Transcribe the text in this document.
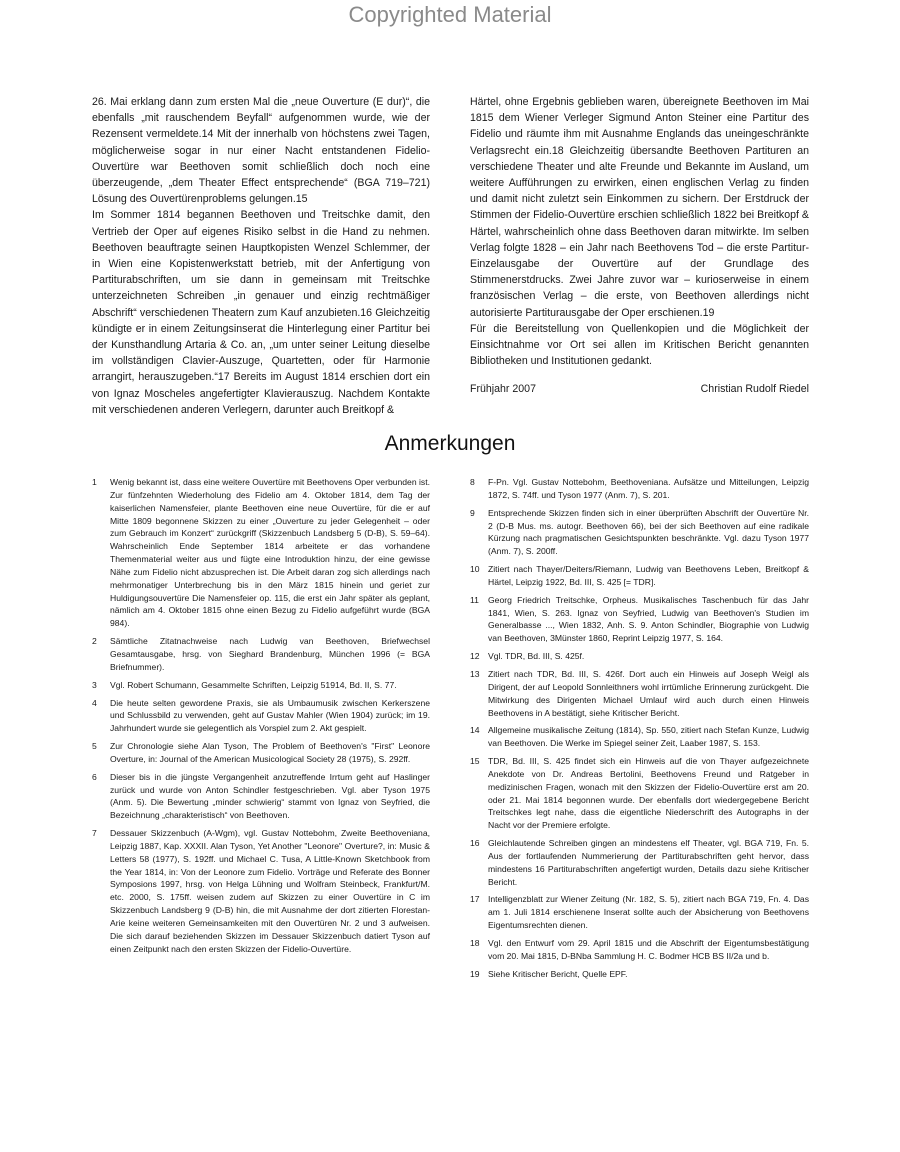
Copyrighted Material

26. Mai erklang dann zum ersten Mal die „neue Ouverture (E dur)“, die ebenfalls „mit rauschendem Beyfall“ aufgenommen wurde, wie der Rezensent vermeldete.14 Mit der innerhalb von höchstens zwei Tagen, möglicherweise sogar in nur einer Nacht entstandenen Fidelio-Ouvertüre war Beethoven somit schließlich doch noch eine überzeugende, „dem Theater Effect entsprechende“ (BGA 719–721) Lösung des Ouvertürenproblems gelungen.15

Im Sommer 1814 begannen Beethoven und Treitschke damit, den Vertrieb der Oper auf eigenes Risiko selbst in die Hand zu nehmen. Beethoven beauftragte seinen Hauptkopisten Wenzel Schlemmer, der in Wien eine Kopistenwerkstatt betrieb, mit der Anfertigung von Partiturabschriften, um sie dann in gemeinsam mit Treitschke unterzeichneten Schreiben „in genauer und einzig rechtmäßiger Abschrift“ verschiedenen Theatern zum Kauf anzubieten.16 Gleichzeitig kündigte er in einem Zeitungsinserat die Hinterlegung einer Partitur bei der Kunsthandlung Artaria & Co. an, „um unter seiner Leitung dieselbe im vollständigen Clavier-Auszuge, Quartetten, oder für Harmonie arrangirt, herauszugeben.“17 Bereits im August 1814 erschien dort ein von Ignaz Moscheles angefertigter Klavierauszug. Nachdem Kontakte mit verschiedenen anderen Verlegern, darunter auch Breitkopf &

Härtel, ohne Ergebnis geblieben waren, übereignete Beethoven im Mai 1815 dem Wiener Verleger Sigmund Anton Steiner eine Partitur des Fidelio und räumte ihm mit Ausnahme Englands das uneingeschränkte Verlagsrecht ein.18 Gleichzeitig übersandte Beethoven Partituren an verschiedene Theater und alte Freunde und Bekannte im Ausland, um weitere Aufführungen zu erwirken, einen englischen Verlag zu finden und damit nicht zuletzt sein Einkommen zu sichern. Der Erstdruck der Stimmen der Fidelio-Ouvertüre erschien schließlich 1822 bei Breitkopf & Härtel, wahrscheinlich ohne dass Beethoven daran mitwirkte. Im selben Verlag folgte 1828 – ein Jahr nach Beethovens Tod – die erste Partitur-Einzelausgabe der Ouvertüre auf der Grundlage des Stimmenerstdrucks. Zwei Jahre zuvor war – kurioserweise in einem französischen Verlag – die erste, von Beethoven allerdings nicht autorisierte Partiturausgabe der Oper erschienen.19

Für die Bereitstellung von Quellenkopien und die Möglichkeit der Einsichtnahme vor Ort sei allen im Kritischen Bericht genannten Bibliotheken und Institutionen gedankt.

Frühjahr 2007	Christian Rudolf Riedel
Anmerkungen
1	Wenig bekannt ist, dass eine weitere Ouvertüre mit Beethovens Oper verbunden ist. Zur fünfzehnten Wiederholung des Fidelio am 4. Oktober 1814, dem Tag der kaiserlichen Namensfeier, plante Beethoven eine neue Ouvertüre, für die er auf Mitte 1809 begonnene Skizzen zu einer „Ouverture zu jeder Gelegenheit – oder zum Gebrauch im Konzert“ zurückgriff (Skizzenbuch Landsberg 5 (D-B), S. 59–64). Wahrscheinlich Ende September 1814 arbeitete er das vorhandene Themenmaterial weiter aus und fügte eine Introduktion hinzu, der eine gewisse Nähe zum Fidelio nicht abzusprechen ist. Die Arbeit daran zog sich allerdings nach mehrmonatiger Unterbrechung bis in den März 1815 hinein und geriet zur Huldigungsouvertüre Die Namensfeier op. 115, die erst ein Jahr später als geplant, nämlich am 4. Oktober 1815 ohne einen Bezug zu Fidelio aufgeführt wurde (BGA 984).
2	Sämtliche Zitatnachweise nach Ludwig van Beethoven, Briefwechsel Gesamtausgabe, hrsg. von Sieghard Brandenburg, München 1996 (= BGA Briefnummer).
3	Vgl. Robert Schumann, Gesammelte Schriften, Leipzig 51914, Bd. II, S. 77.
4	Die heute selten gewordene Praxis, sie als Umbaumusik zwischen Kerkerszene und Schlussbild zu verwenden, geht auf Gustav Mahler (Wien 1904) zurück; im 19. Jahrhundert wurde sie gelegentlich als Vorspiel zum 2. Akt gespielt.
5	Zur Chronologie siehe Alan Tyson, The Problem of Beethoven's "First" Leonore Overture, in: Journal of the American Musicological Society 28 (1975), S. 292ff.
6	Dieser bis in die jüngste Vergangenheit anzutreffende Irrtum geht auf Haslinger zurück und wurde von Anton Schindler festgeschrieben. Vgl. aber Tyson 1975 (Anm. 5). Die Bewertung „minder schwierig“ stammt von Ignaz von Seyfried, die Bezeichnung „charakteristisch“ von Beethoven.
7	Dessauer Skizzenbuch (A-Wgm), vgl. Gustav Nottebohm, Zweite Beethoveniana, Leipzig 1887, Kap. XXXII. Alan Tyson, Yet Another "Leonore" Overture?, in: Music & Letters 58 (1977), S. 192ff. und Michael C. Tusa, A Little-Known Sketchbook from the Year 1814, in: Von der Leonore zum Fidelio. Vorträge und Referate des Bonner Symposions 1997, hrsg. von Helga Lühning und Wolfram Steinbeck, Frankfurt/M. etc. 2000, S. 175ff. weisen zudem auf Skizzen zu einer Ouvertüre in C im Skizzenbuch Landsberg 9 (D-B) hin, die mit Ausnahme der dort zitierten Florestan-Arie keine weiteren Gemeinsamkeiten mit den Ouvertüren Nr. 2 und 3 aufweisen. Die sich darauf beziehenden Skizzen im Dessauer Skizzenbuch datiert Tyson auf einen Zeitpunkt nach den ersten Skizzen der Fidelio-Ouvertüre.
8	F-Pn. Vgl. Gustav Nottebohm, Beethoveniana. Aufsätze und Mitteilungen, Leipzig 1872, S. 74ff. und Tyson 1977 (Anm. 7), S. 201.
9	Entsprechende Skizzen finden sich in einer überprüften Abschrift der Ouvertüre Nr. 2 (D-B Mus. ms. autogr. Beethoven 66), bei der sich Beethoven auf eine radikale Kürzung nach pragmatischen Gesichtspunkten beschränkte. Vgl. dazu Tyson 1977 (Anm. 7), S. 200ff.
10 Zitiert nach Thayer/Deiters/Riemann, Ludwig van Beethovens Leben, Breitkopf & Härtel, Leipzig 1922, Bd. III, S. 425 [= TDR].
11	Georg Friedrich Treitschke, Orpheus. Musikalisches Taschenbuch für das Jahr 1841, Wien, S. 263. Ignaz von Seyfried, Ludwig van Beethoven's Studien im Generalbasse ..., Wien 1832, Anh. S. 9. Anton Schindler, Biographie von Ludwig van Beethoven, 3Münster 1860, Reprint Leipzig 1977, S. 164.
12 Vgl. TDR, Bd. III, S. 425f.
13 Zitiert nach TDR, Bd. III, S. 426f. Dort auch ein Hinweis auf Joseph Weigl als Dirigent, der auf Leopold Sonnleithners wohl irrtümliche Erinnerung zurückgeht. Die Mitwirkung des Dirigenten Michael Umlauf wird auch durch einen Hinweis Beethovens in A bestätigt, siehe Kritischer Bericht.
14 Allgemeine musikalische Zeitung (1814), Sp. 550, zitiert nach Stefan Kunze, Ludwig van Beethoven. Die Werke im Spiegel seiner Zeit, Laaber 1987, S. 153.
15 TDR, Bd. III, S. 425 findet sich ein Hinweis auf die von Thayer aufgezeichnete Anekdote von Dr. Andreas Bertolini, Beethovens Freund und Ratgeber in medizinischen Fragen, wonach mit den Skizzen der Fidelio-Ouvertüre erst am 20. oder 21. Mai 1814 begonnen wurde. Der ebenfalls dort wiedergegebene Bericht Treitschkes legt nahe, dass die eigentliche Niederschrift des Autographs in der Nacht vor der Premiere erfolgte.
16 Gleichlautende Schreiben gingen an mindestens elf Theater, vgl. BGA 719, Fn. 5. Aus der fortlaufenden Nummerierung der Partiturabschriften geht hervor, dass mindestens 16 Partiturabschriften angefertigt wurden, Details dazu siehe Kritischer Bericht.
17 Intelligenzblatt zur Wiener Zeitung (Nr. 182, S. 5), zitiert nach BGA 719, Fn. 4. Das am 1. Juli 1814 erschienene Inserat sollte auch der Absicherung von Beethovens Eigentumsrechten dienen.
18 Vgl. den Entwurf vom 29. April 1815 und die Abschrift der Eigentumsbestätigung vom 20. Mai 1815, D-BNba Sammlung H. C. Bodmer HCB BS II/2a und b.
19 Siehe Kritischer Bericht, Quelle EPF.
